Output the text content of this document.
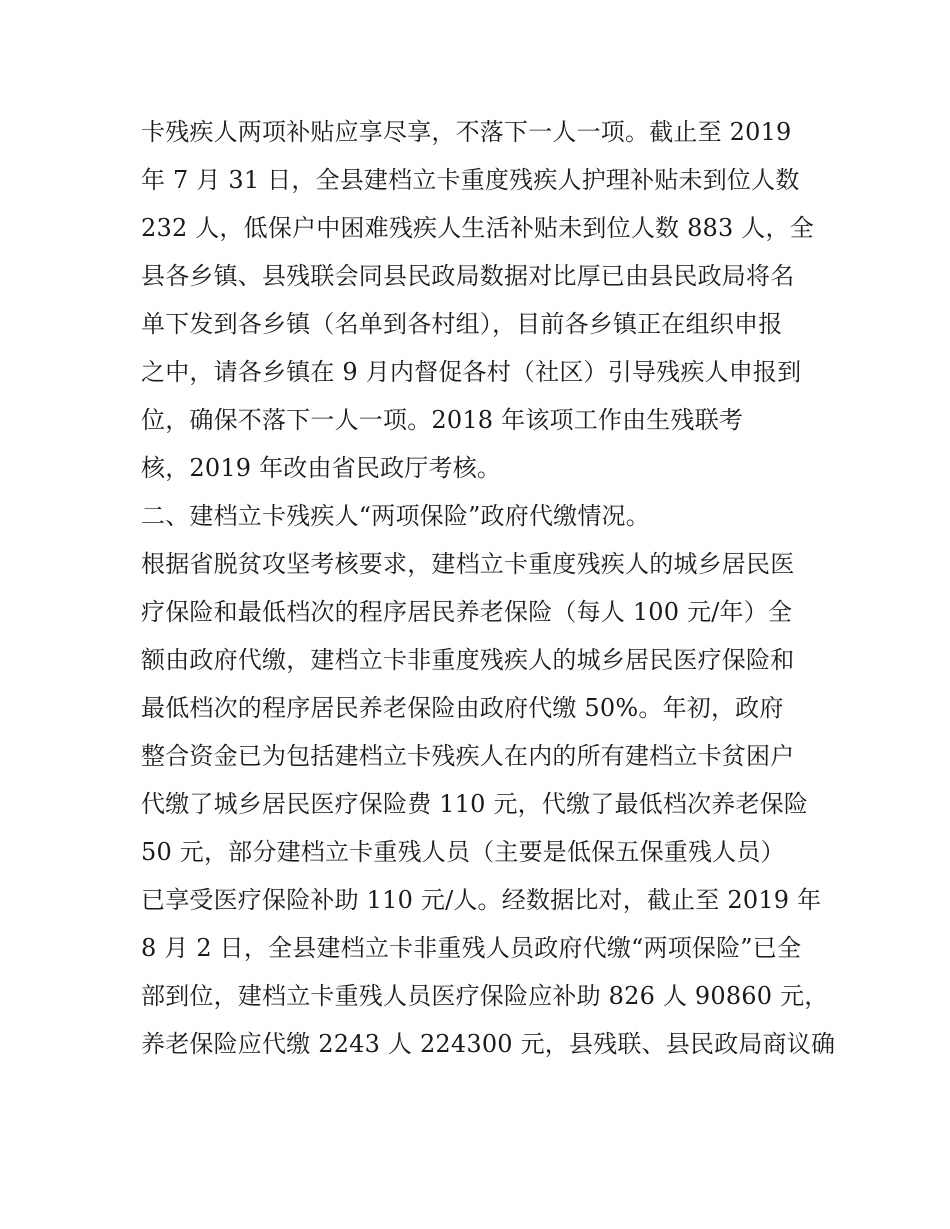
卡残疾人两项补贴应享尽享，不落下一人一项。截止至 2019
年 7 月 31 日，全县建档立卡重度残疾人护理补贴未到位人数
232 人，低保户中困难残疾人生活补贴未到位人数 883 人，全
县各乡镇、县残联会同县民政局数据对比厚已由县民政局将名
单下发到各乡镇（名单到各村组），目前各乡镇正在组织申报
之中，请各乡镇在 9 月内督促各村（社区）引导残疾人申报到
位，确保不落下一人一项。2018 年该项工作由生残联考
核，2019 年改由省民政厅考核。
二、建档立卡残疾人“两项保险”政府代缴情况。
根据省脱贫攻坚考核要求，建档立卡重度残疾人的城乡居民医
疗保险和最低档次的程序居民养老保险（每人 100 元/年）全
额由政府代缴，建档立卡非重度残疾人的城乡居民医疗保险和
最低档次的程序居民养老保险由政府代缴 50%。年初，政府
整合资金已为包括建档立卡残疾人在内的所有建档立卡贫困户
代缴了城乡居民医疗保险费 110 元，代缴了最低档次养老保险
50 元，部分建档立卡重残人员（主要是低保五保重残人员）
已享受医疗保险补助 110 元/人。经数据比对，截止至 2019 年
8 月 2 日，全县建档立卡非重残人员政府代缴“两项保险”已全
部到位，建档立卡重残人员医疗保险应补助 826 人 90860 元，
养老保险应代缴 2243 人 224300 元，县残联、县民政局商议确
